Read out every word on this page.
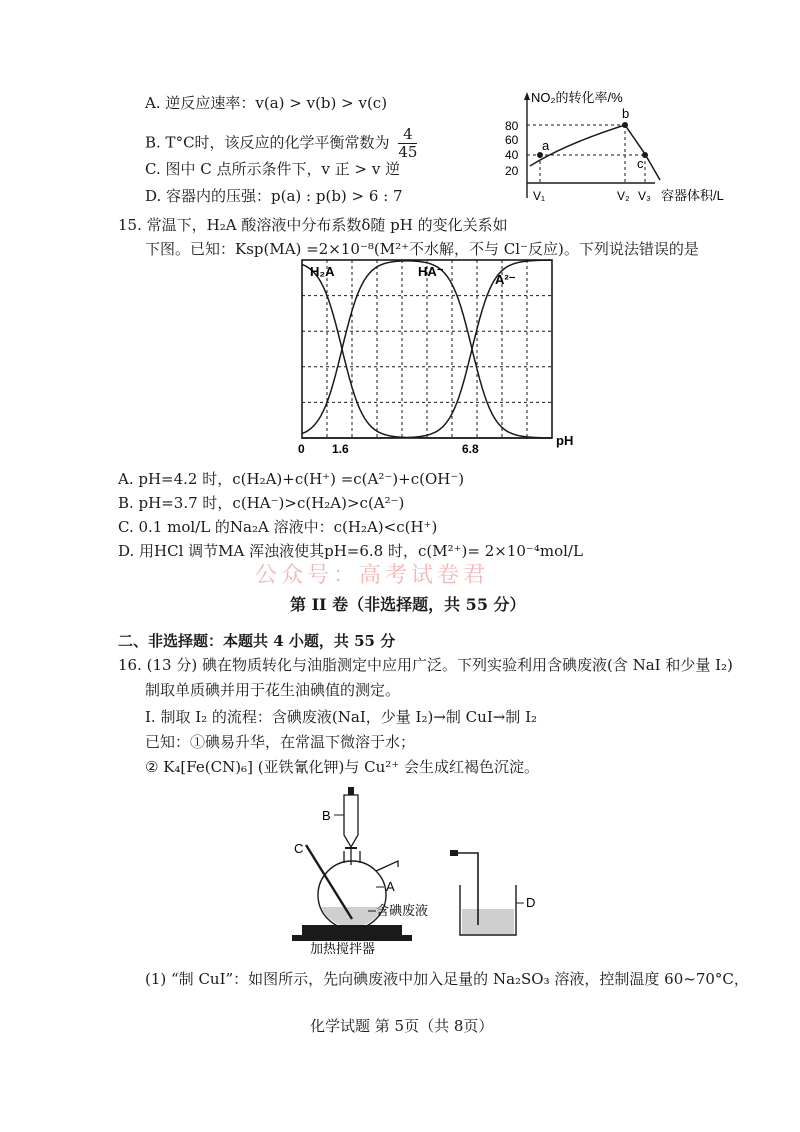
A. 逆反应速率：v(a) > v(b) > v(c)
B. T°C时，该反应的化学平衡常数为 $\frac{4}{45}$
C. 图中 C 点所示条件下，v 正 > v 逆
D. 容器内的压强：p(a) : p(b) > 6 : 7
NO₂的转化率/%
80
60
40
20
a
b
c
V₁	V₂ V₃ 容器体积/L
15. 常温下，H₂A 酸溶液中分布系数δ随 pH 的变化关系如
下图。已知：Ksp(MA) =2×10⁻⁸(M²⁺不水解，不与 Cl⁻反应)。下列说法错误的是
H₂A	HA⁻
A²⁻
0 1.6	6.8
pH
A. pH=4.2 时，c(H₂A)+c(H⁺) =c(A²⁻)+c(OH⁻)
B. pH=3.7 时，c(HA⁻)>c(H₂A)>c(A²⁻)
C. 0.1 mol/L 的Na₂A 溶液中：c(H₂A)<c(H⁺)
D. 用HCl 调节MA 浑浊液使其pH=6.8 时，c(M²⁺)= 2×10⁻⁴mol/L
公众号：高考试卷君
第 II 卷（非选择题，共 55 分）
二、非选择题：本题共 4 小题，共 55 分
16. (13 分) 碘在物质转化与油脂测定中应用广泛。下列实验利用含碘废液(含 NaI 和少量 I₂)
制取单质碘并用于花生油碘值的测定。
I. 制取 I₂ 的流程：含碘废液(NaI，少量 I₂)→制 CuI→制 I₂
已知：①碘易升华，在常温下微溶于水；
② K₄[Fe(CN)₆] (亚铁氰化钾)与 Cu²⁺ 会生成红褐色沉淀。
B
C
A
含碘废液
加热搅拌器
D
(1) “制 CuI”：如图所示，先向碘废液中加入足量的 Na₂SO₃ 溶液，控制温度 60~70°C，
化学试题 第 5页（共 8页）
